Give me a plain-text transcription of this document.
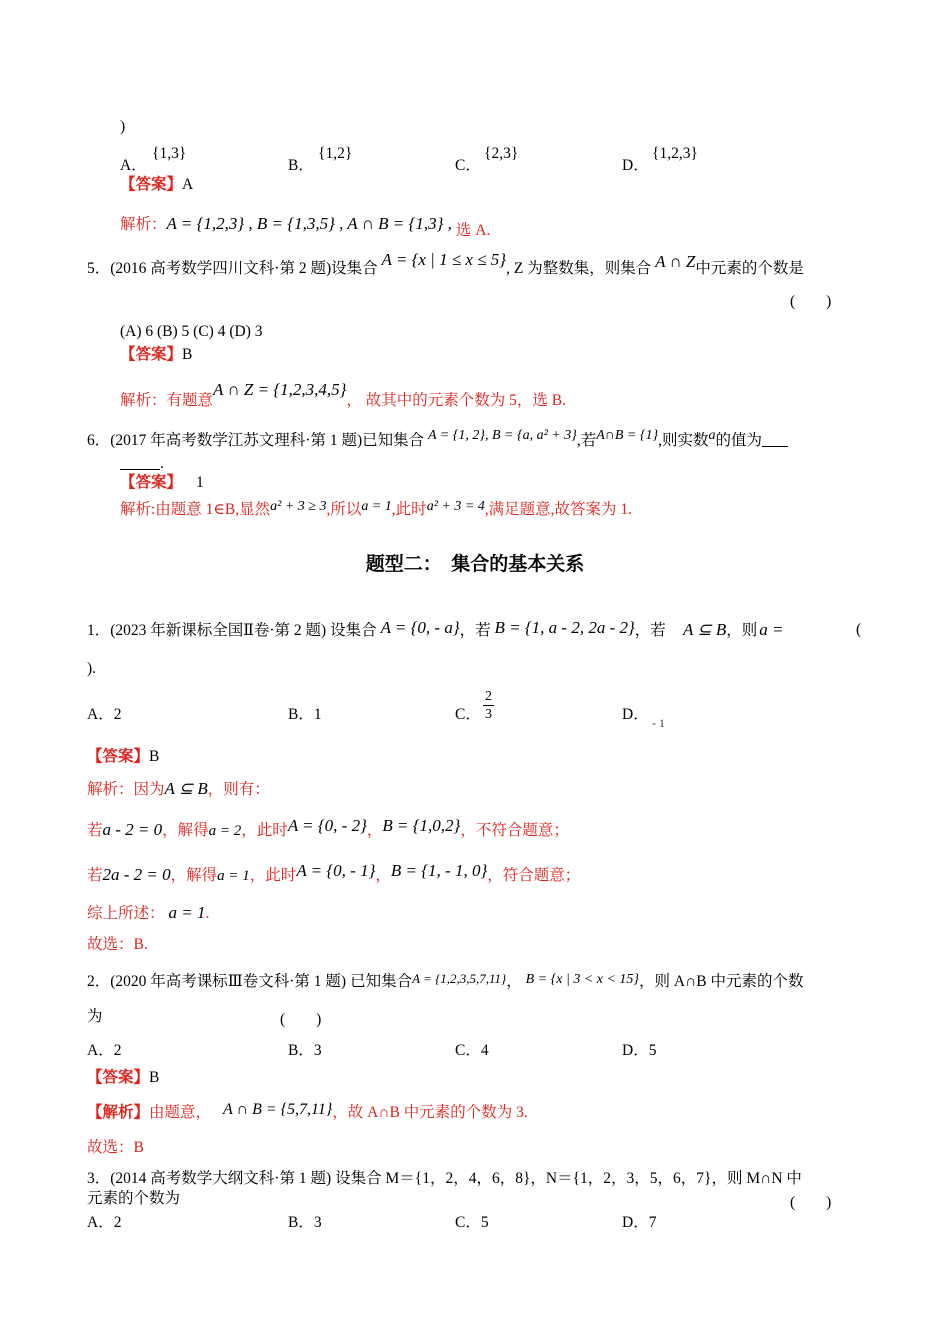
)
A．
{1,3}
B．
{1,2}
C．
{2,3}
D．
{1,2,3}
【答案】A
解析：A = {1,2,3} , B = {1,3,5} , A ∩ B = {1,3} , 选 A.
5．(2016 高考数学四川文科·第 2 题)设集合 A = {x | 1 ≤ x ≤ 5}, Z 为整数集，则集合 A ∩ Z中元素的个数是
(　　)
(A) 6 (B) 5 (C) 4 (D) 3
【答案】B
解析：有题意A ∩ Z = {1,2,3,4,5}， 故其中的元素个数为 5，选 B.
6．(2017 年高考数学江苏文理科·第 1 题)已知集合 A = {1, 2}, B = {a, a² + 3},若A∩B = {1},则实数a的值为
.
【答案】 1
解析:由题意 1∈B,显然a² + 3 ≥ 3,所以a = 1,此时a² + 3 = 4,满足题意,故答案为 1.
题型二：　集合的基本关系
1．(2023 年新课标全国Ⅱ卷·第 2 题) 设集合 A = {0, - a}，若 B = {1, a - 2, 2a - 2}，若 A ⊆ B，则 a =	(
).
A．2	B．1	C． $\frac{2}{3}$	D． - 1
【答案】B
解析：因为A ⊆ B，则有：
若a - 2 = 0，解得a = 2，此时A = {0, - 2}，B = {1,0,2}，不符合题意；
若2a - 2 = 0，解得a = 1，此时A = {0, - 1}，B = {1, - 1, 0}，符合题意；
综上所述： a = 1.
故选：B.
2．(2020 年高考课标Ⅲ卷文科·第 1 题) 已知集合A = {1,2,3,5,7,11}， B = {x | 3 < x < 15}，则 A∩B 中元素的个数
为	(　　)
A．2	B．3	C．4	D．5
【答案】B
【解析】由题意， A ∩ B = {5,7,11}，故 A∩B 中元素的个数为 3.
故选：B
3．(2014 高考数学大纲文科·第 1 题) 设集合 M＝{1，2，4，6，8}，N＝{1，2，3，5，6，7}，则 M∩N 中
元素的个数为	(　　)
A．2	B．3	C．5	D．7
